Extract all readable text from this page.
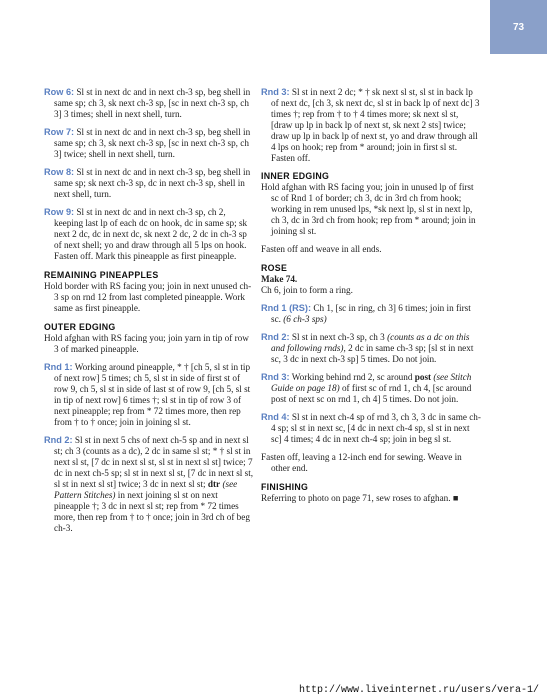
73

Row 6: Sl st in next dc and in next ch-3 sp, beg shell in same sp; ch 3, sk next ch-3 sp, [sc in next ch-3 sp, ch 3] 3 times; shell in next shell, turn.

Row 7: Sl st in next dc and in next ch-3 sp, beg shell in same sp; ch 3, sk next ch-3 sp, [sc in next ch-3 sp, ch 3] twice; shell in next shell, turn.

Row 8: Sl st in next dc and in next ch-3 sp, beg shell in same sp; sk next ch-3 sp, dc in next ch-3 sp, shell in next shell, turn.

Row 9: Sl st in next dc and in next ch-3 sp, ch 2, keeping last lp of each dc on hook, dc in same sp; sk next 2 dc, dc in next dc, sk next 2 dc, 2 dc in ch-3 sp of next shell; yo and draw through all 5 lps on hook. Fasten off. Mark this pineapple as first pineapple.

REMAINING PINEAPPLES

Hold border with RS facing you; join in next unused ch-3 sp on rnd 12 from last completed pineapple. Work same as first pineapple.

OUTER EDGING

Hold afghan with RS facing you; join yarn in tip of row 3 of marked pineapple.

Rnd 1: Working around pineapple, * † [ch 5, sl st in tip of next row] 5 times; ch 5, sl st in side of first st of row 9, ch 5, sl st in side of last st of row 9, [ch 5, sl st in tip of next row] 6 times †; sl st in tip of row 3 of next pineapple; rep from * 72 times more, then rep from † to † once; join in joining sl st.

Rnd 2: Sl st in next 5 chs of next ch-5 sp and in next sl st; ch 3 (counts as a dc), 2 dc in same sl st; * † sl st in next sl st, [7 dc in next sl st, sl st in next sl st] twice; 7 dc in next ch-5 sp; sl st in next sl st, [7 dc in next sl st, sl st in next sl st] twice; 3 dc in next sl st; dtr (see Pattern Stitches) in next joining sl st on next pineapple †; 3 dc in next sl st; rep from * 72 times more, then rep from † to † once; join in 3rd ch of beg ch-3.

Rnd 3: Sl st in next 2 dc; * † sk next sl st, sl st in back lp of next dc, [ch 3, sk next dc, sl st in back lp of next dc] 3 times †; rep from † to † 4 times more; sk next sl st, [draw up lp in back lp of next st, sk next 2 sts] twice; draw up lp in back lp of next st, yo and draw through all 4 lps on hook; rep from * around; join in first sl st. Fasten off.

INNER EDGING

Hold afghan with RS facing you; join in unused lp of first sc of Rnd 1 of border; ch 3, dc in 3rd ch from hook; working in rem unused lps, *sk next lp, sl st in next lp, ch 3, dc in 3rd ch from hook; rep from * around; join in joining sl st.

Fasten off and weave in all ends.

ROSE

Make 74.

Ch 6, join to form a ring.

Rnd 1 (RS): Ch 1, [sc in ring, ch 3] 6 times; join in first sc. (6 ch-3 sps)

Rnd 2: Sl st in next ch-3 sp, ch 3 (counts as a dc on this and following rnds), 2 dc in same ch-3 sp; [sl st in next sc, 3 dc in next ch-3 sp] 5 times. Do not join.

Rnd 3: Working behind rnd 2, sc around post (see Stitch Guide on page 18) of first sc of rnd 1, ch 4, [sc around post of next sc on rnd 1, ch 4] 5 times. Do not join.

Rnd 4: Sl st in next ch-4 sp of rnd 3, ch 3, 3 dc in same ch-4 sp; sl st in next sc, [4 dc in next ch-4 sp, sl st in next sc] 4 times; 4 dc in next ch-4 sp; join in beg sl st.

Fasten off, leaving a 12-inch end for sewing. Weave in other end.

FINISHING

Referring to photo on page 71, sew roses to afghan. ■

http://www.liveinternet.ru/users/vera-1/
